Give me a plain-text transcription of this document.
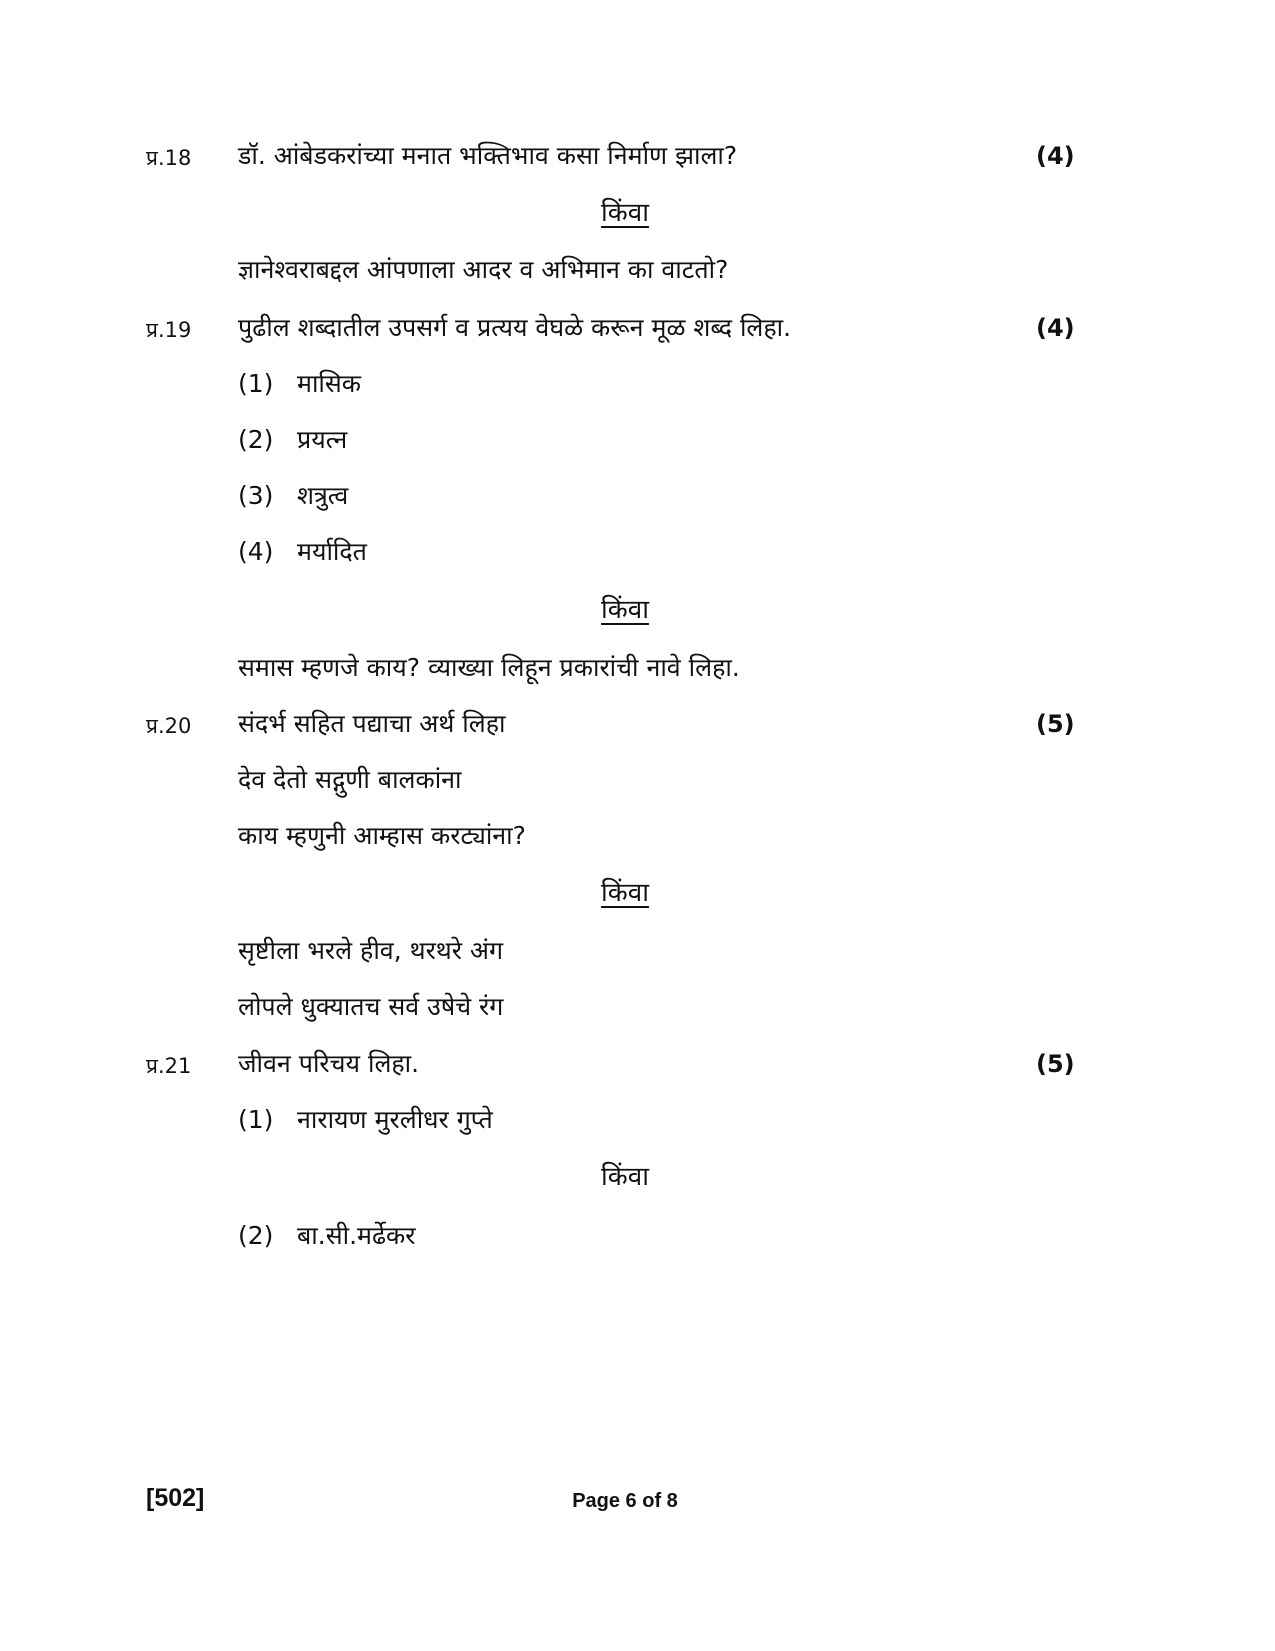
प्र.18 डॉ. आंबेडकरांच्या मनात भक्तिभाव कसा निर्माण झाला?	(4)
किंवा
ज्ञानेश्वराबद्दल आंपणाला आदर व अभिमान का वाटतो?
प्र.19 पुढील शब्दातील उपसर्ग व प्रत्यय वेघळे करून मूळ शब्द लिहा.	(4)
(1) मासिक
(2) प्रयत्न
(3) शत्रुत्व
(4) मर्यादित
किंवा
समास म्हणजे काय? व्याख्या लिहून प्रकारांची नावे लिहा.
प्र.20 संदर्भ सहित पद्याचा अर्थ लिहा	(5)
देव देतो सद्गुणी बालकांना
काय म्हणुनी आम्हास करट्यांना?
किंवा
सृष्टीला भरले हीव, थरथरे अंग
लोपले धुक्यातच सर्व उषेचे रंग
प्र.21 जीवन परिचय लिहा.	(5)
(1) नारायण मुरलीधर गुप्ते
किंवा
(2) बा.सी.मर्ढेकर
[502]	Page 6 of 8
